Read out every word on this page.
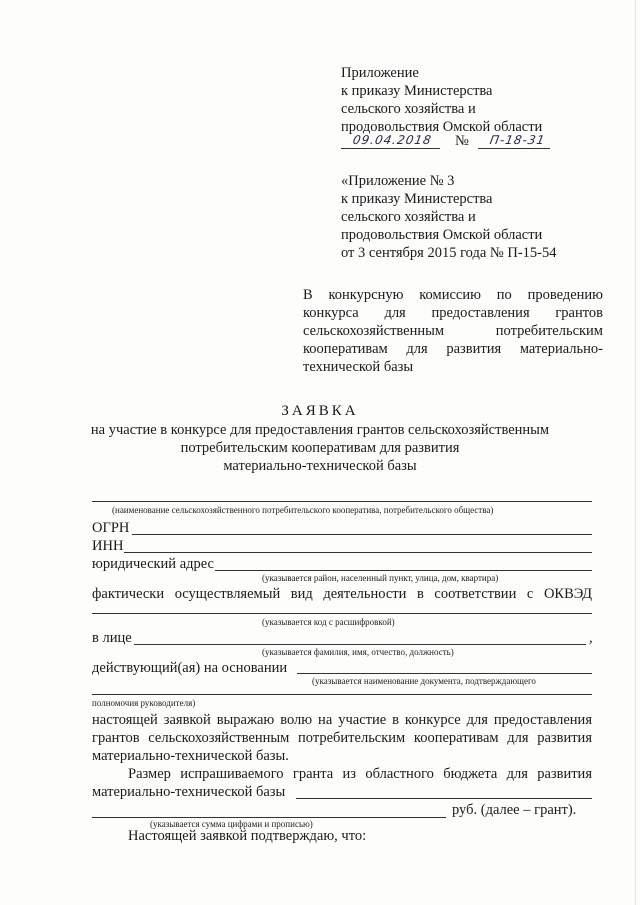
Приложение
к приказу Министерства
сельского хозяйства и
продовольствия Омской области
09.04.2018 № П-18-31
«Приложение № 3
к приказу Министерства
сельского хозяйства и
продовольствия Омской области
от 3 сентября 2015 года № П-15-54
В конкурсную комиссию по проведению
конкурса для предоставления грантов
сельскохозяйственным потребительским
кооперативам для развития материально-
технической базы
ЗАЯВКА
на участие в конкурсе для предоставления грантов сельскохозяйственным
потребительским кооперативам для развития
материально-технической базы
(наименование сельскохозяйственного потребительского кооператива, потребительского общества)
ОГРН
ИНН
юридический адрес
(указывается район, населенный пункт, улица, дом, квартира)
фактически осуществляемый вид деятельности в соответствии с ОКВЭД
(указывается код с расшифровкой)
в лице	,
(указывается фамилия, имя, отчество, должность)
действующий(ая) на основании
(указывается наименование документа, подтверждающего
полномочия руководителя)
настоящей заявкой выражаю волю на участие в конкурсе для предоставления
грантов сельскохозяйственным потребительским кооперативам для развития
материально-технической базы.
Размер испрашиваемого гранта из областного бюджета для развития
материально-технической базы
руб. (далее – грант).
(указывается сумма цифрами и прописью)
Настоящей заявкой подтверждаю, что:
